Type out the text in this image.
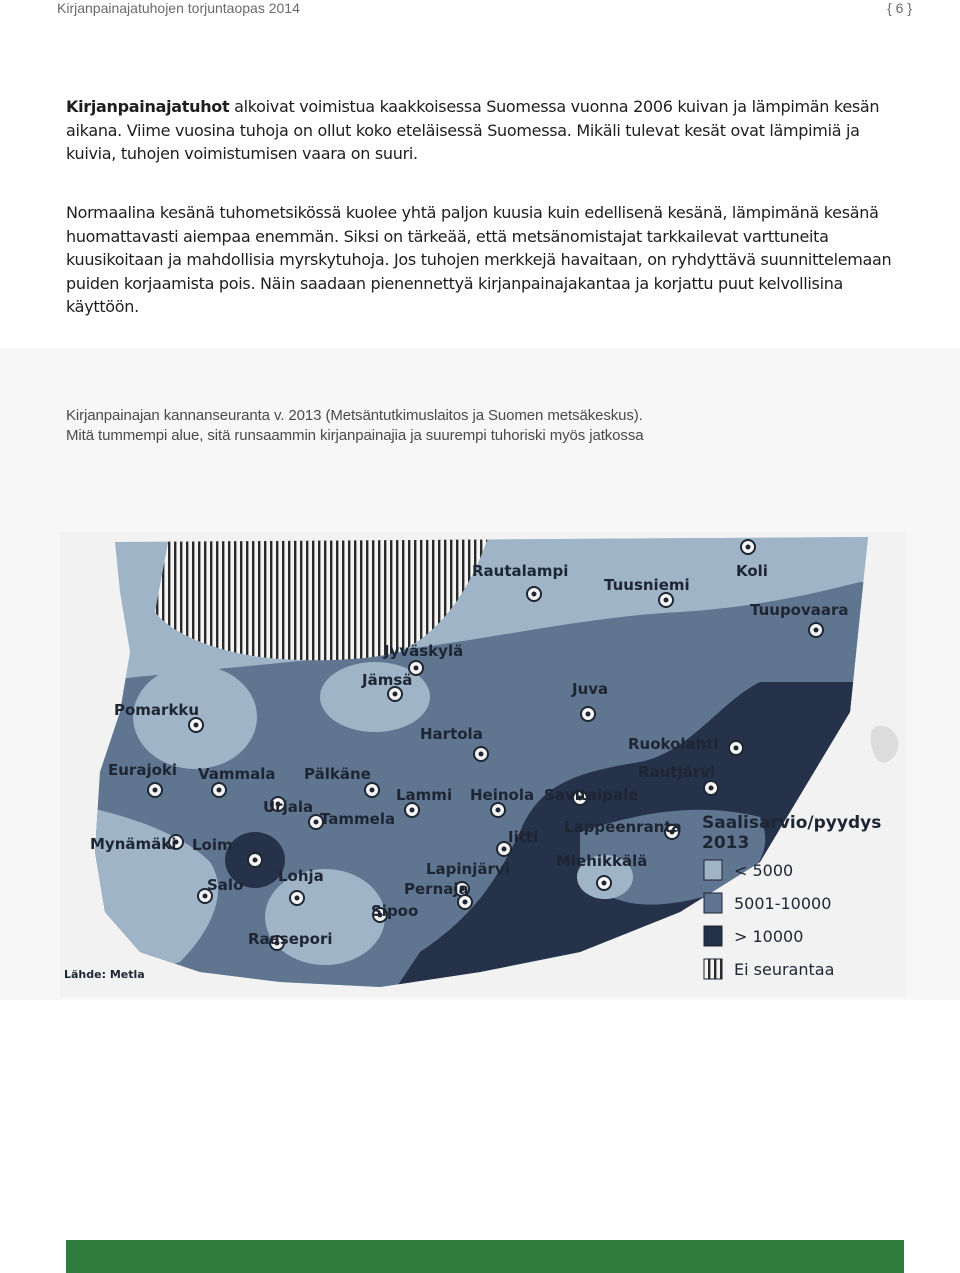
Kirjanpainajatuhojen torjuntaopas 2014	{ 6 }

Kirjanpainajatuhot alkoivat voimistua kaakkoisessa Suomessa vuonna 2006 kuivan ja lämpimän kesän aikana. Viime vuosina tuhoja on ollut koko eteläisessä Suomessa. Mikäli tulevat kesät ovat lämpimiä ja kuivia, tuhojen voimistumisen vaara on suuri.

Normaalina kesänä tuhometsikössä kuolee yhtä paljon kuusia kuin edellisenä kesänä, lämpimänä kesänä huomattavasti aiempaa enemmän. Siksi on tärkeää, että metsänomistajat tarkkailevat varttuneita kuusikoitaan ja mahdollisia myrskytuhoja. Jos tuhojen merkkejä havaitaan, on ryhdyttävä suunnittelemaan puiden korjaamista pois. Näin saadaan pienennettyä kirjanpainajakantaa ja korjattu puut kelvollisina käyttöön.

Kirjanpainajan kannanseuranta v. 2013 (Metsäntutkimuslaitos ja Suomen metsäkeskus).
Mitä tummempi alue, sitä runsaammin kirjanpainajia ja suurempi tuhoriski myös jatkossa
Rautalampi
Tuusniemi
Koli
Tuupovaara
Jyväskylä
Jämsä	Juva
Pomarkku
Hartola
Ruokolahti
Eurajoki Vammala Pälkäne	Rautjärvi
Urjala
Lammi Heinola Savitaipale
Tammela	Lappeenranta
Iitti
Mynämäki Loim
Miehikkälä
Lapinjärvi
Salo Lohja
Pernaja
Sipoo
Raasepori
Lähde: Metla
Saalisarvio/pyydys
2013
< 5000
5001-10000
> 10000
Ei seurantaa
